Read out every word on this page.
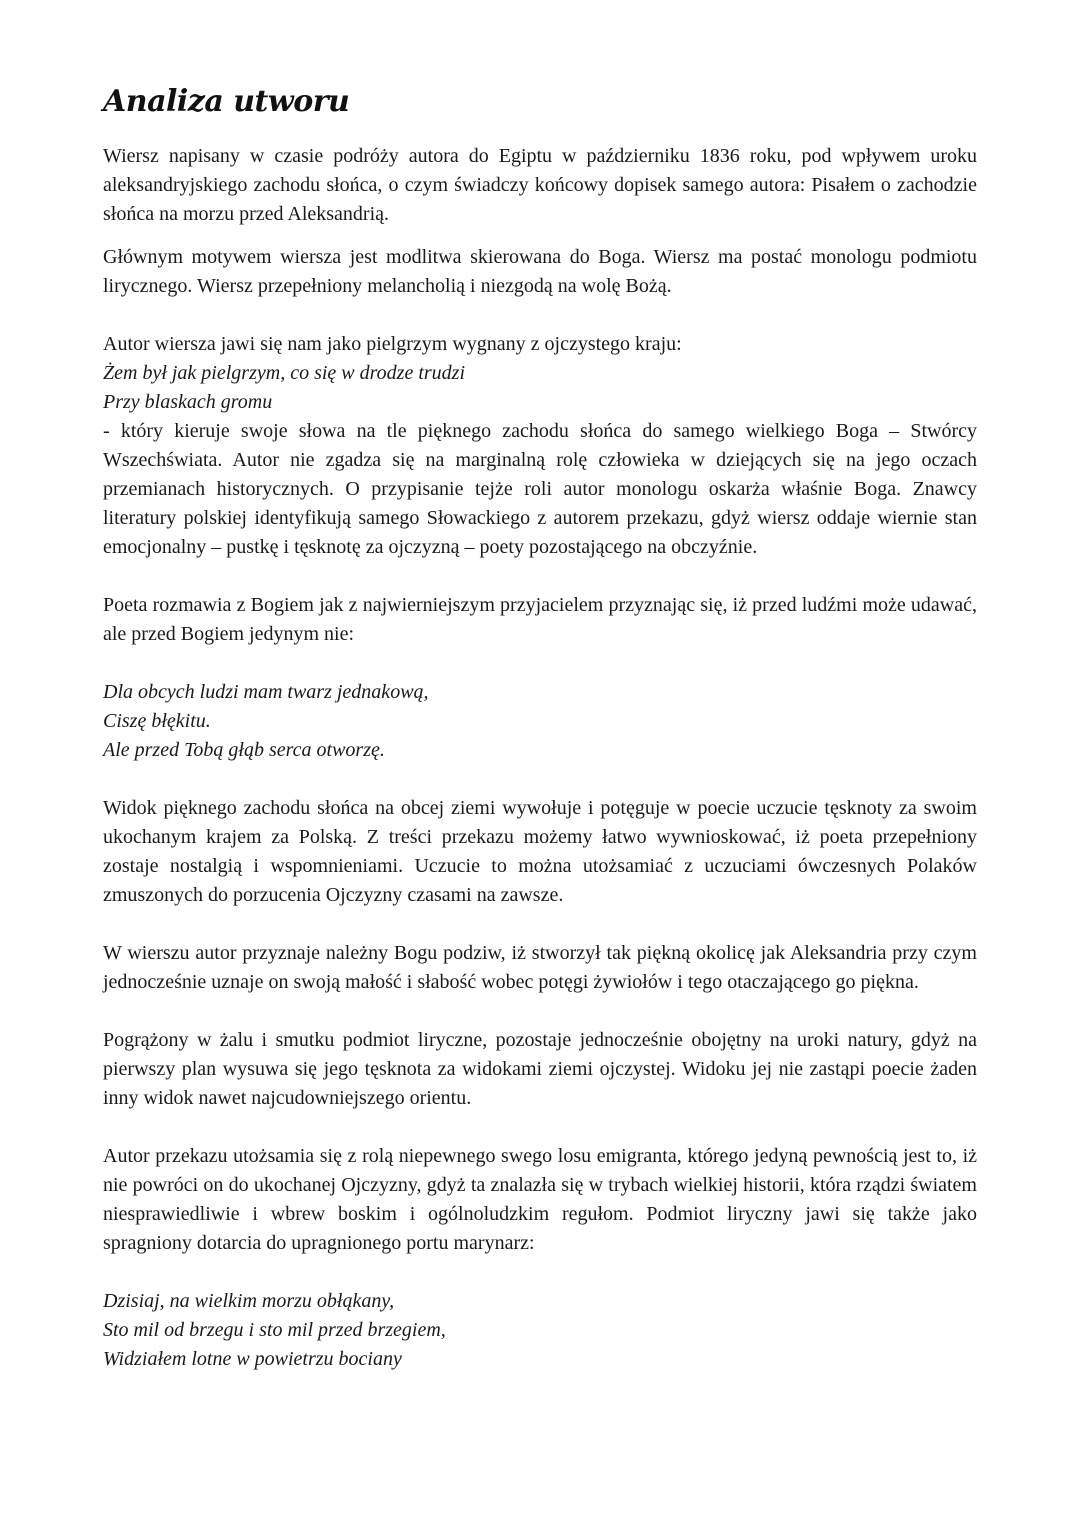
Analiza utworu

Wiersz napisany w czasie podróży autora do Egiptu w październiku 1836 roku, pod wpływem uroku aleksandryjskiego zachodu słońca, o czym świadczy końcowy dopisek samego autora: Pisałem o zachodzie słońca na morzu przed Aleksandrią.

Głównym motywem wiersza jest modlitwa skierowana do Boga. Wiersz ma postać monologu podmiotu lirycznego. Wiersz przepełniony melancholią i niezgodą na wolę Bożą.

Autor wiersza jawi się nam jako pielgrzym wygnany z ojczystego kraju:

Żem był jak pielgrzym, co się w drodze trudzi
Przy blaskach gromu

- który kieruje swoje słowa na tle pięknego zachodu słońca do samego wielkiego Boga – Stwórcy Wszechświata. Autor nie zgadza się na marginalną rolę człowieka w dziejących się na jego oczach przemianach historycznych. O przypisanie tejże roli autor monologu oskarża właśnie Boga. Znawcy literatury polskiej identyfikują samego Słowackiego z autorem przekazu, gdyż wiersz oddaje wiernie stan emocjonalny – pustkę i tęsknotę za ojczyzną – poety pozostającego na obczyźnie.

Poeta rozmawia z Bogiem jak z najwierniejszym przyjacielem przyznając się, iż przed ludźmi może udawać, ale przed Bogiem jedynym nie:

Dla obcych ludzi mam twarz jednakową,
Ciszę błękitu.
Ale przed Tobą głąb serca otworzę.

Widok pięknego zachodu słońca na obcej ziemi wywołuje i potęguje w poecie uczucie tęsknoty za swoim ukochanym krajem za Polską. Z treści przekazu możemy łatwo wywnioskować, iż poeta przepełniony zostaje nostalgią i wspomnieniami. Uczucie to można utożsamiać z uczuciami ówczesnych Polaków zmuszonych do porzucenia Ojczyzny czasami na zawsze.

W wierszu autor przyznaje należny Bogu podziw, iż stworzył tak piękną okolicę jak Aleksandria przy czym jednocześnie uznaje on swoją małość i słabość wobec potęgi żywiołów i tego otaczającego go piękna.

Pogrążony w żalu i smutku podmiot liryczne, pozostaje jednocześnie obojętny na uroki natury, gdyż na pierwszy plan wysuwa się jego tęsknota za widokami ziemi ojczystej. Widoku jej nie zastąpi poecie żaden inny widok nawet najcudowniejszego orientu.

Autor przekazu utożsamia się z rolą niepewnego swego losu emigranta, którego jedyną pewnością jest to, iż nie powróci on do ukochanej Ojczyzny, gdyż ta znalazła się w trybach wielkiej historii, która rządzi światem niesprawiedliwie i wbrew boskim i ogólnoludzkim regułom. Podmiot liryczny jawi się także jako spragniony dotarcia do upragnionego portu marynarz:

Dzisiaj, na wielkim morzu obłąkany,
Sto mil od brzegu i sto mil przed brzegiem,
Widziałem lotne w powietrzu bociany
